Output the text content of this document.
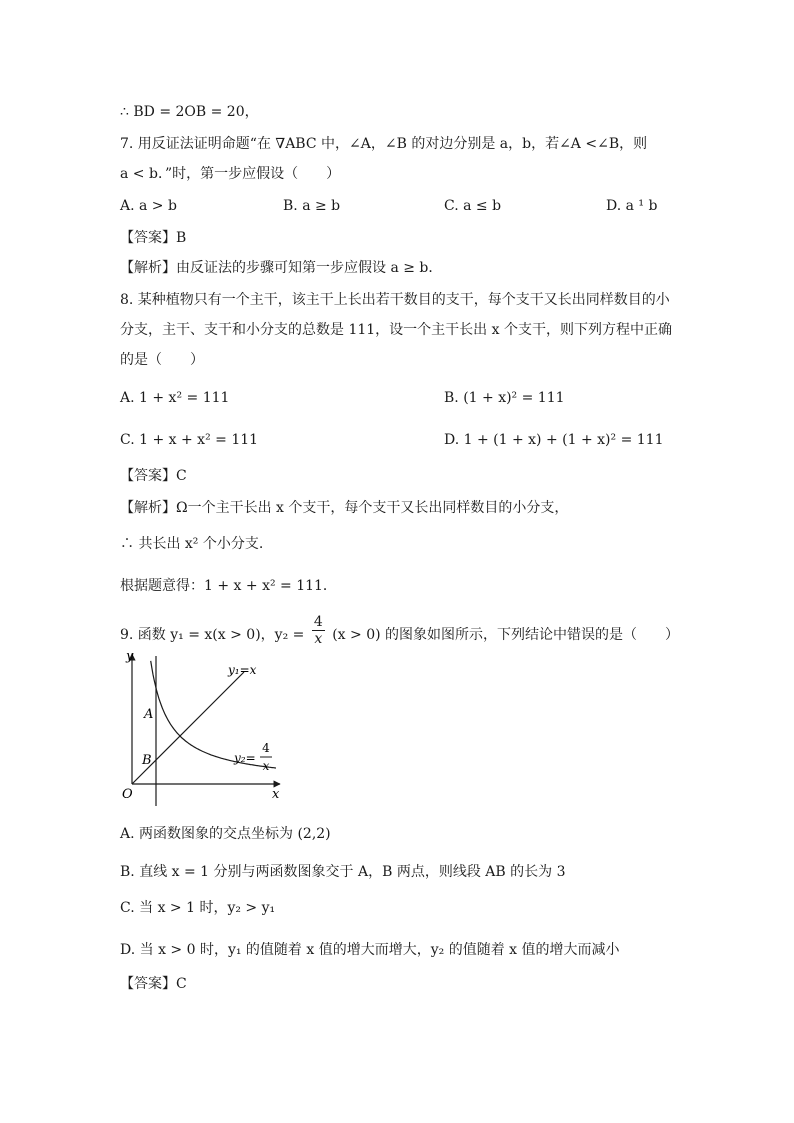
∴ BD = 2OB = 20，
7. 用反证法证明命题“在 ∇ABC 中，∠A，∠B 的对边分别是 a，b，若∠A <∠B，则
a < b．”时，第一步应假设（　　）
A. a > b	B. a ≥ b	C. a ≤ b	D. a ¹ b
【答案】B
【解析】由反证法的步骤可知第一步应假设 a ≥ b．
8. 某种植物只有一个主干，该主干上长出若干数目的支干，每个支干又长出同样数目的小
分支，主干、支干和小分支的总数是 111，设一个主干长出 x 个支干，则下列方程中正确
的是（　　）
A. 1 + x² = 111	B. (1 + x)² = 111
C. 1 + x + x² = 111	D. 1 + (1 + x) + (1 + x)² = 111
【答案】C
【解析】Ω一个主干长出 x 个支干，每个支干又长出同样数目的小分支，
∴ 共长出 x² 个小分支.
根据题意得：1 + x + x² = 111．
9. 函数 y₁ = x(x > 0)，$y_2 = \frac{4}{x} (x > 0)$ 的图象如图所示，下列结论中错误的是（　　）
y
x
O
A
B
y₁=x
y₂=
4
x
A. 两函数图象的交点坐标为 (2,2)
B. 直线 x = 1 分别与两函数图象交于 A，B 两点，则线段 AB 的长为 3
C. 当 x > 1 时，y₂ > y₁
D. 当 x > 0 时，y₁ 的值随着 x 值的增大而增大，y₂ 的值随着 x 值的增大而减小
【答案】C
